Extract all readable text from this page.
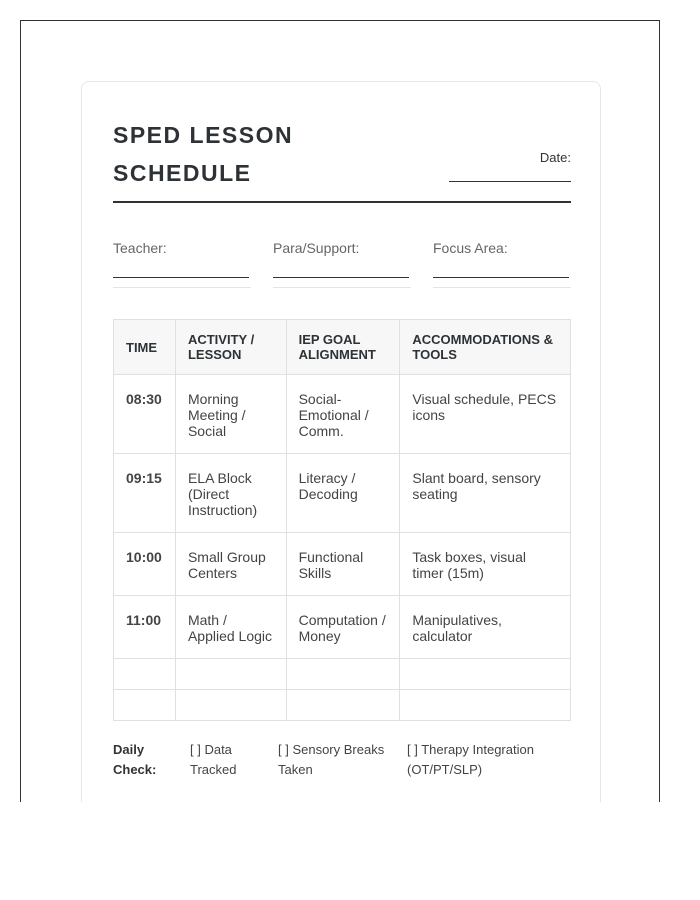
SPED LESSON SCHEDULE
Date:
Teacher:	Para/Support:	Focus Area:
TIME	ACTIVITY / LESSON	IEP GOAL ALIGNMENT	ACCOMMODATIONS & TOOLS
08:30	Morning Meeting / Social	Social-Emotional / Comm.	Visual schedule, PECS icons
09:15	ELA Block (Direct Instruction)	Literacy / Decoding	Slant board, sensory seating
10:00	Small Group Centers	Functional Skills	Task boxes, visual timer (15m)
11:00	Math / Applied Logic	Computation / Money	Manipulatives, calculator

Daily Check:
[ ] Data Tracked
[ ] Sensory Breaks Taken
[ ] Therapy Integration (OT/PT/SLP)
